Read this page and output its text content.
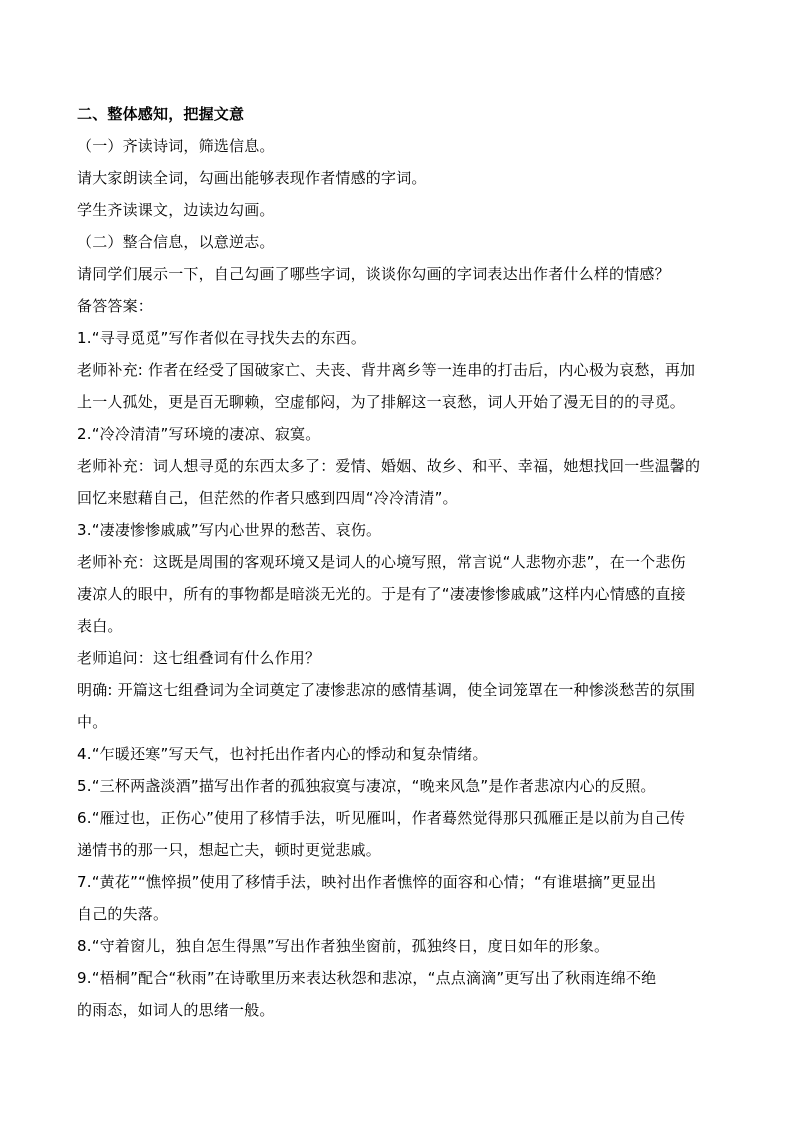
二、整体感知，把握文意
（一）齐读诗词，筛选信息。
请大家朗读全词，勾画出能够表现作者情感的字词。
学生齐读课文，边读边勾画。
（二）整合信息，以意逆志。
请同学们展示一下，自己勾画了哪些字词，谈谈你勾画的字词表达出作者什么样的情感？
备答答案：
1.“寻寻觅觅”写作者似在寻找失去的东西。
老师补充: 作者在经受了国破家亡、夫丧、背井离乡等一连串的打击后，内心极为哀愁，再加
上一人孤处，更是百无聊赖，空虚郁闷，为了排解这一哀愁，词人开始了漫无目的的寻觅。
2.“冷冷清清”写环境的凄凉、寂寞。
老师补充：词人想寻觅的东西太多了：爱情、婚姻、故乡、和平、幸福，她想找回一些温馨的
回忆来慰藉自己，但茫然的作者只感到四周“冷冷清清”。
3.“凄凄惨惨戚戚”写内心世界的愁苦、哀伤。
老师补充：这既是周围的客观环境又是词人的心境写照，常言说“人悲物亦悲”，在一个悲伤
凄凉人的眼中，所有的事物都是暗淡无光的。于是有了“凄凄惨惨戚戚”这样内心情感的直接
表白。
老师追问：这七组叠词有什么作用？
明确: 开篇这七组叠词为全词奠定了凄惨悲凉的感情基调，使全词笼罩在一种惨淡愁苦的氛围
中。
4.“乍暖还寒”写天气，也衬托出作者内心的悸动和复杂情绪。
5.“三杯两盏淡酒”描写出作者的孤独寂寞与凄凉，“晚来风急”是作者悲凉内心的反照。
6.“雁过也，正伤心”使用了移情手法，听见雁叫，作者蓦然觉得那只孤雁正是以前为自己传
递情书的那一只，想起亡夫，顿时更觉悲戚。
7.“黄花”“憔悴损”使用了移情手法，映衬出作者憔悴的面容和心情；“有谁堪摘”更显出
自己的失落。
8.“守着窗儿，独自怎生得黑”写出作者独坐窗前，孤独终日，度日如年的形象。
9.“梧桐”配合“秋雨”在诗歌里历来表达秋怨和悲凉，“点点滴滴”更写出了秋雨连绵不绝
的雨态，如词人的思绪一般。
